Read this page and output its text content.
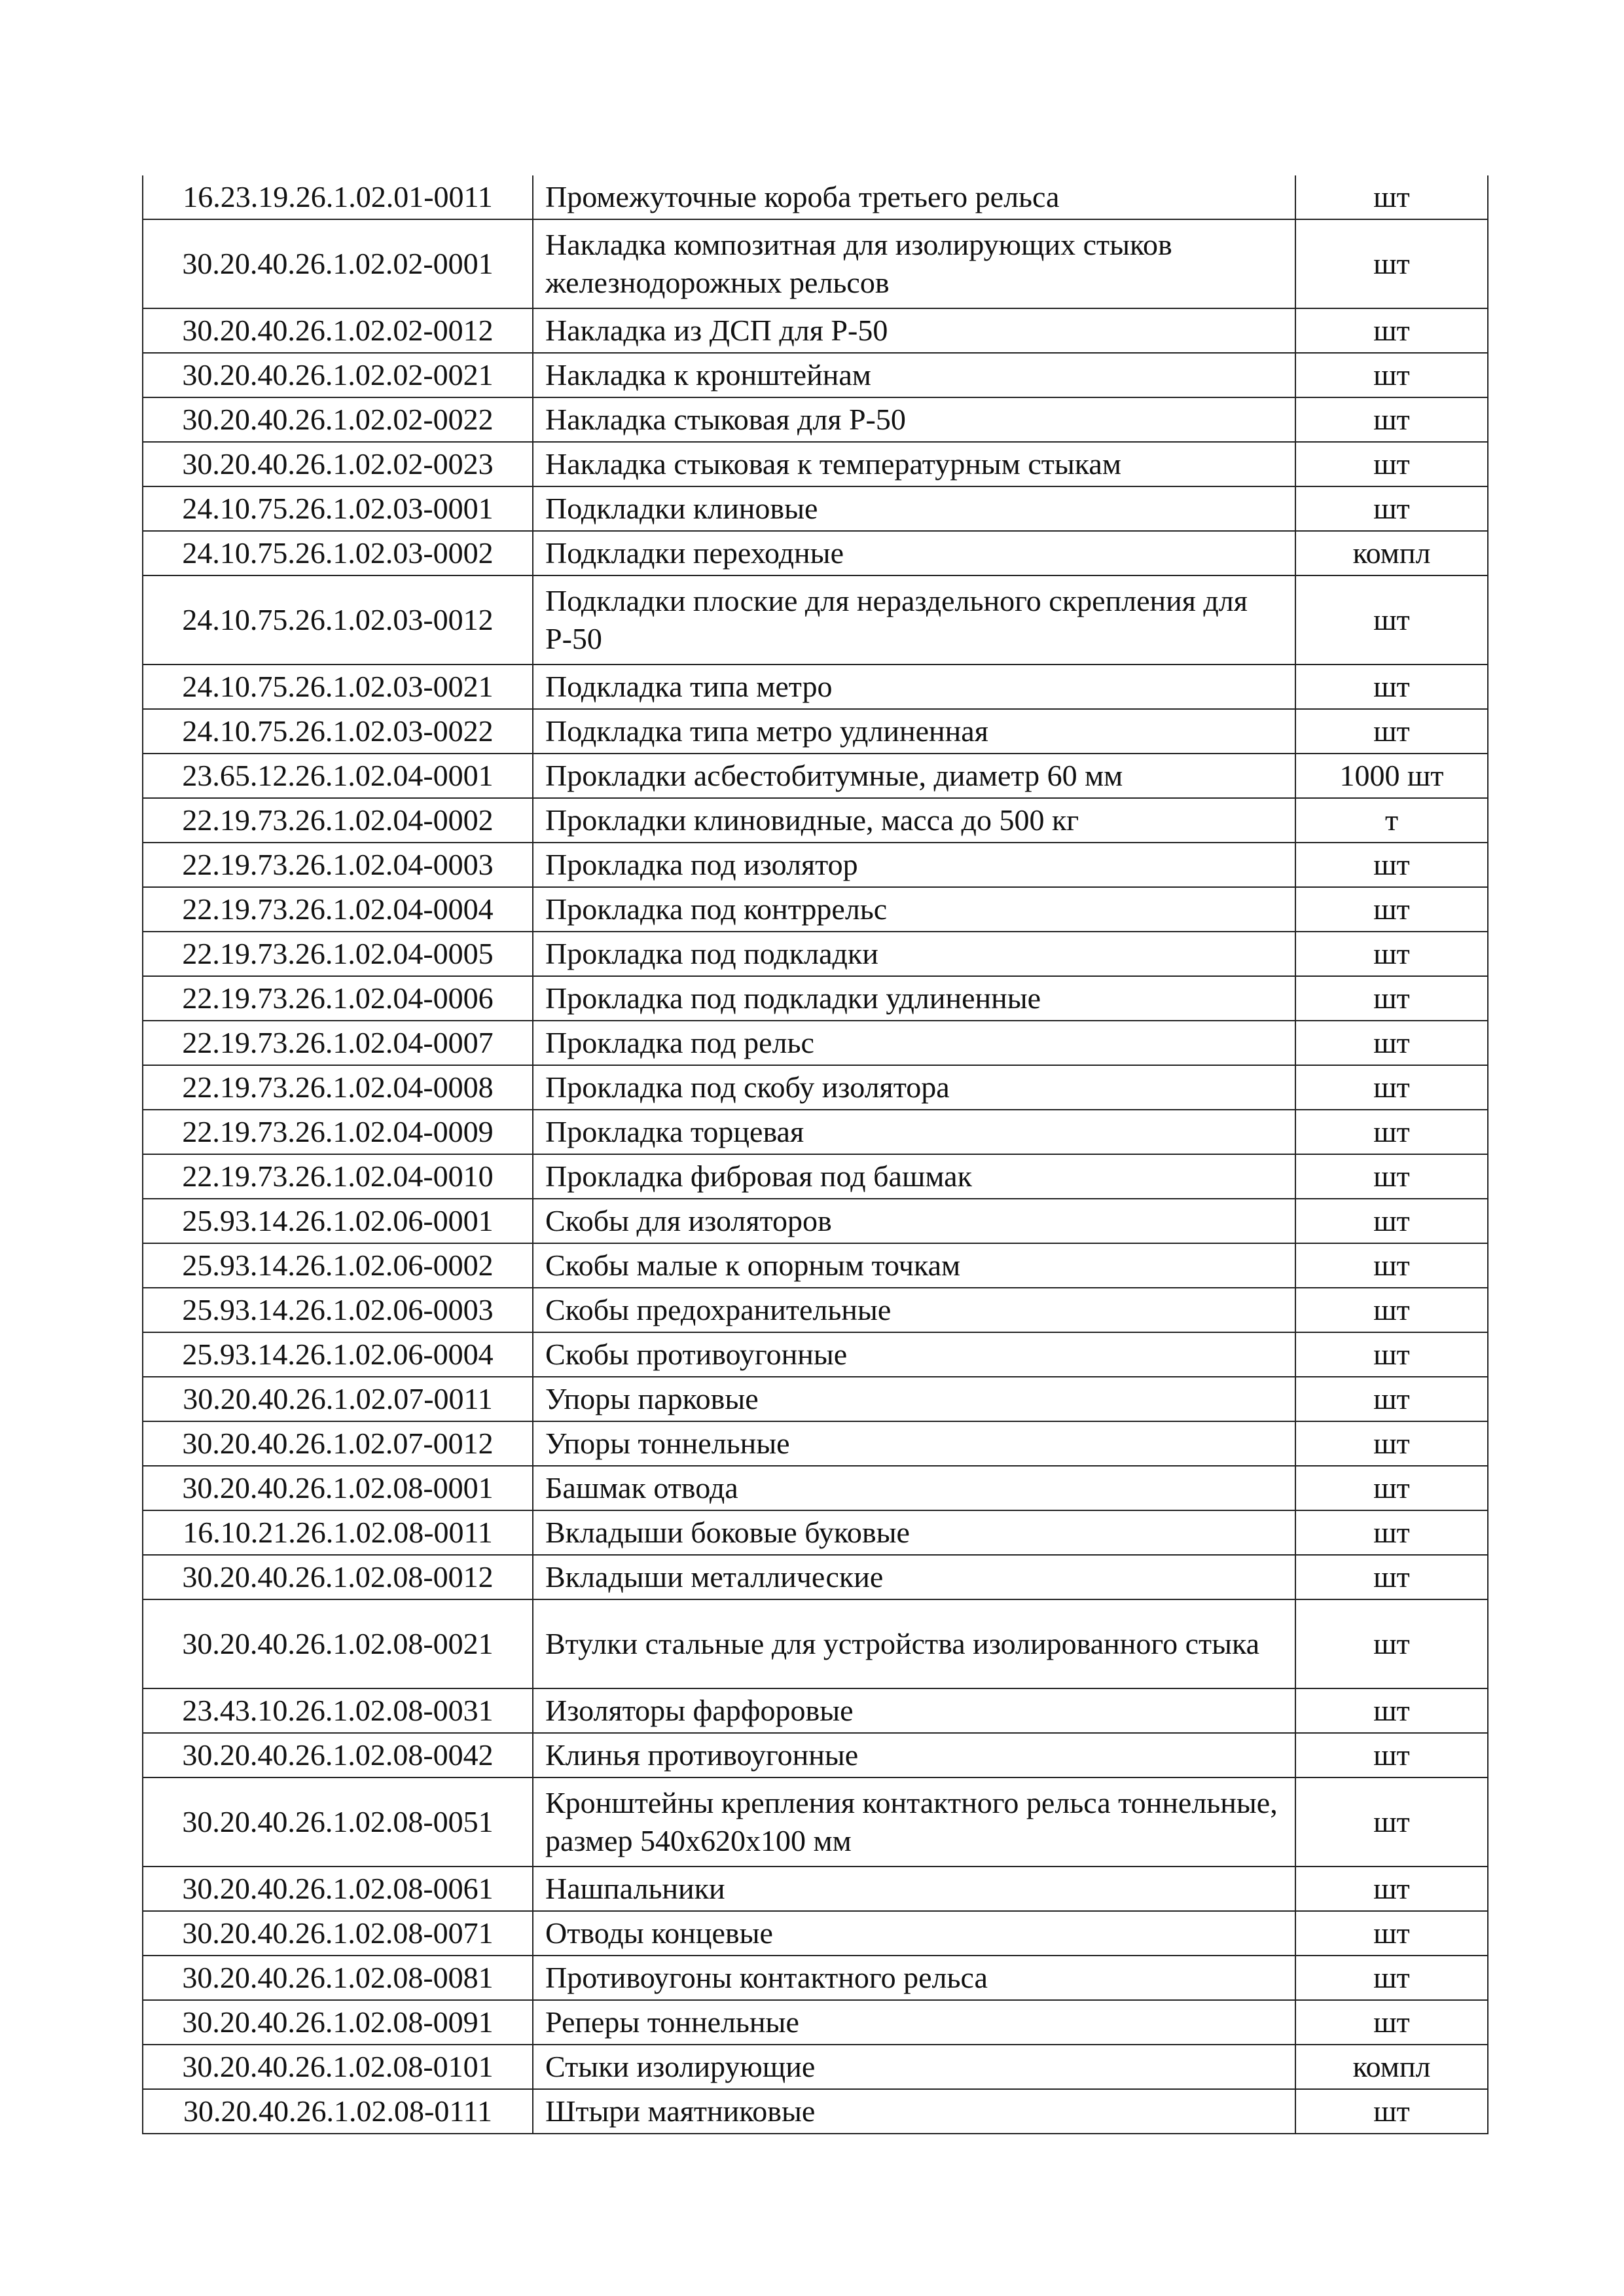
16.23.19.26.1.02.01-0011	Промежуточные короба третьего рельса	шт
30.20.40.26.1.02.02-0001	Накладка композитная для изолирующих стыков железнодорожных рельсов	шт
30.20.40.26.1.02.02-0012	Накладка из ДСП для Р-50	шт
30.20.40.26.1.02.02-0021	Накладка к кронштейнам	шт
30.20.40.26.1.02.02-0022	Накладка стыковая для Р-50	шт
30.20.40.26.1.02.02-0023	Накладка стыковая к температурным стыкам	шт
24.10.75.26.1.02.03-0001	Подкладки клиновые	шт
24.10.75.26.1.02.03-0002	Подкладки переходные	компл
24.10.75.26.1.02.03-0012	Подкладки плоские для нераздельного скрепления для Р-50	шт
24.10.75.26.1.02.03-0021	Подкладка типа метро	шт
24.10.75.26.1.02.03-0022	Подкладка типа метро удлиненная	шт
23.65.12.26.1.02.04-0001	Прокладки асбестобитумные, диаметр 60 мм	1000 шт
22.19.73.26.1.02.04-0002	Прокладки клиновидные, масса до 500 кг	т
22.19.73.26.1.02.04-0003	Прокладка под изолятор	шт
22.19.73.26.1.02.04-0004	Прокладка под контррельс	шт
22.19.73.26.1.02.04-0005	Прокладка под подкладки	шт
22.19.73.26.1.02.04-0006	Прокладка под подкладки удлиненные	шт
22.19.73.26.1.02.04-0007	Прокладка под рельс	шт
22.19.73.26.1.02.04-0008	Прокладка под скобу изолятора	шт
22.19.73.26.1.02.04-0009	Прокладка торцевая	шт
22.19.73.26.1.02.04-0010	Прокладка фибровая под башмак	шт
25.93.14.26.1.02.06-0001	Скобы для изоляторов	шт
25.93.14.26.1.02.06-0002	Скобы малые к опорным точкам	шт
25.93.14.26.1.02.06-0003	Скобы предохранительные	шт
25.93.14.26.1.02.06-0004	Скобы противоугонные	шт
30.20.40.26.1.02.07-0011	Упоры парковые	шт
30.20.40.26.1.02.07-0012	Упоры тоннельные	шт
30.20.40.26.1.02.08-0001	Башмак отвода	шт
16.10.21.26.1.02.08-0011	Вкладыши боковые буковые	шт
30.20.40.26.1.02.08-0012	Вкладыши металлические	шт
30.20.40.26.1.02.08-0021	Втулки стальные для устройства изолированного стыка	шт
23.43.10.26.1.02.08-0031	Изоляторы фарфоровые	шт
30.20.40.26.1.02.08-0042	Клинья противоугонные	шт
30.20.40.26.1.02.08-0051	Кронштейны крепления контактного рельса тоннельные, размер 540х620х100 мм	шт
30.20.40.26.1.02.08-0061	Нашпальники	шт
30.20.40.26.1.02.08-0071	Отводы концевые	шт
30.20.40.26.1.02.08-0081	Противоугоны контактного рельса	шт
30.20.40.26.1.02.08-0091	Реперы тоннельные	шт
30.20.40.26.1.02.08-0101	Стыки изолирующие	компл
30.20.40.26.1.02.08-0111	Штыри маятниковые	шт
